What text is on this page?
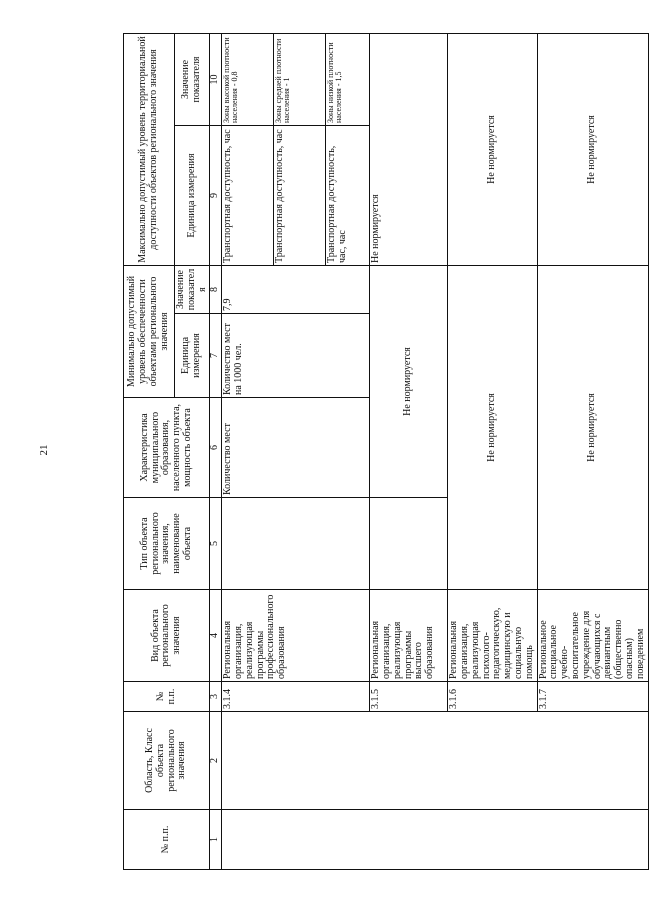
21
№ п.п.	Область, Класс объекта регионального значения	№ п.п.	Вид объекта регионального значения	Тип объекта регионального значения, наименование объекта	Характеристика муниципального образования, населенного пункта, мощность объекта	Минимально допустимый уровень обеспеченности объектами регионального значения		Максимально допустимый уровень территориальной доступности объектов регионального значения	
						Единица измерения	Значение показателя	Единица измерения	Значение показателя
1	2	3	4	5	6	7	8	9	10
		3.1.4	Региональная организация, реализующая программы профессионального образования		Количество мест	Количество мест на 1000 чел.	7,9	Транспортная доступность, час	Зоны высокой плотности населения - 0,8
								Транспортная доступность, час	Зоны средней плотности населения - 1
								Транспортная доступность, час, час	Зоны низкой плотности населения - 1,5
		3.1.5	Региональная организация, реализующая программы высшего образования		Не нормируется			Не нормируется	
		3.1.6	Региональная организация, реализующая психолого-педагогическую, медицинскую и социальную помощь	Не нормируется				Не нормируется	
		3.1.7	Региональное специальное учебно-воспитательное учреждение для обучающихся с девиантным (общественно опасным) поведением	Не нормируется				Не нормируется	
